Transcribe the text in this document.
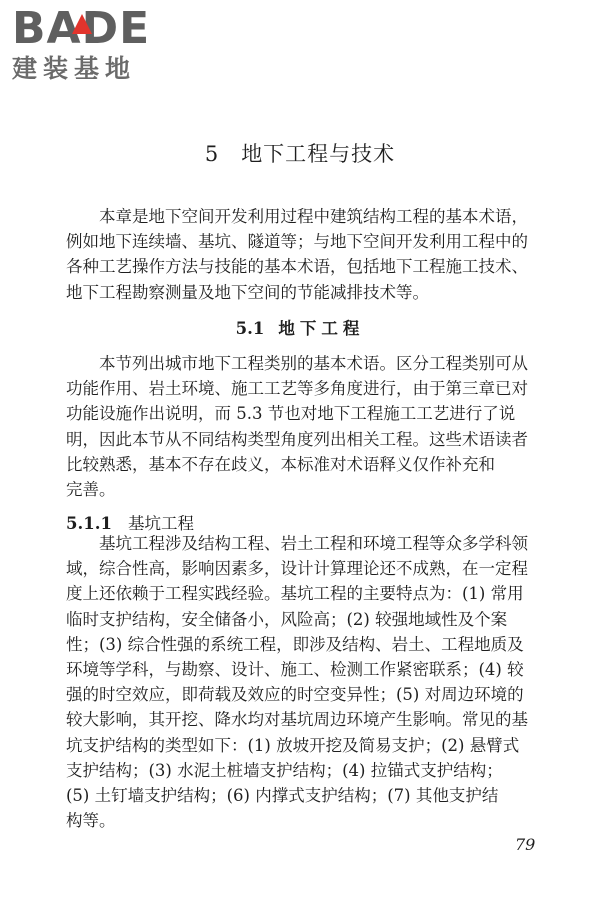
BADE
建装基地
5 地下工程与技术
本章是地下空间开发利用过程中建筑结构工程的基本术语，
例如地下连续墙、基坑、隧道等；与地下空间开发利用工程中的
各种工艺操作方法与技能的基本术语，包括地下工程施工技术、
地下工程勘察测量及地下空间的节能减排技术等。
5.1 地下工程
本节列出城市地下工程类别的基本术语。区分工程类别可从
功能作用、岩土环境、施工工艺等多角度进行，由于第三章已对
功能设施作出说明，而 5.3 节也对地下工程施工工艺进行了说
明，因此本节从不同结构类型角度列出相关工程。这些术语读者
比较熟悉，基本不存在歧义，本标准对术语释义仅作补充和
完善。
5.1.1 基坑工程
基坑工程涉及结构工程、岩土工程和环境工程等众多学科领
域，综合性高，影响因素多，设计计算理论还不成熟，在一定程
度上还依赖于工程实践经验。基坑工程的主要特点为：(1) 常用
临时支护结构，安全储备小，风险高；(2) 较强地域性及个案
性；(3) 综合性强的系统工程，即涉及结构、岩土、工程地质及
环境等学科，与勘察、设计、施工、检测工作紧密联系；(4) 较
强的时空效应，即荷载及效应的时空变异性；(5) 对周边环境的
较大影响，其开挖、降水均对基坑周边环境产生影响。常见的基
坑支护结构的类型如下：(1) 放坡开挖及简易支护；(2) 悬臂式
支护结构；(3) 水泥土桩墙支护结构；(4) 拉锚式支护结构；
(5) 土钉墙支护结构；(6) 内撑式支护结构；(7) 其他支护结
构等。
79
